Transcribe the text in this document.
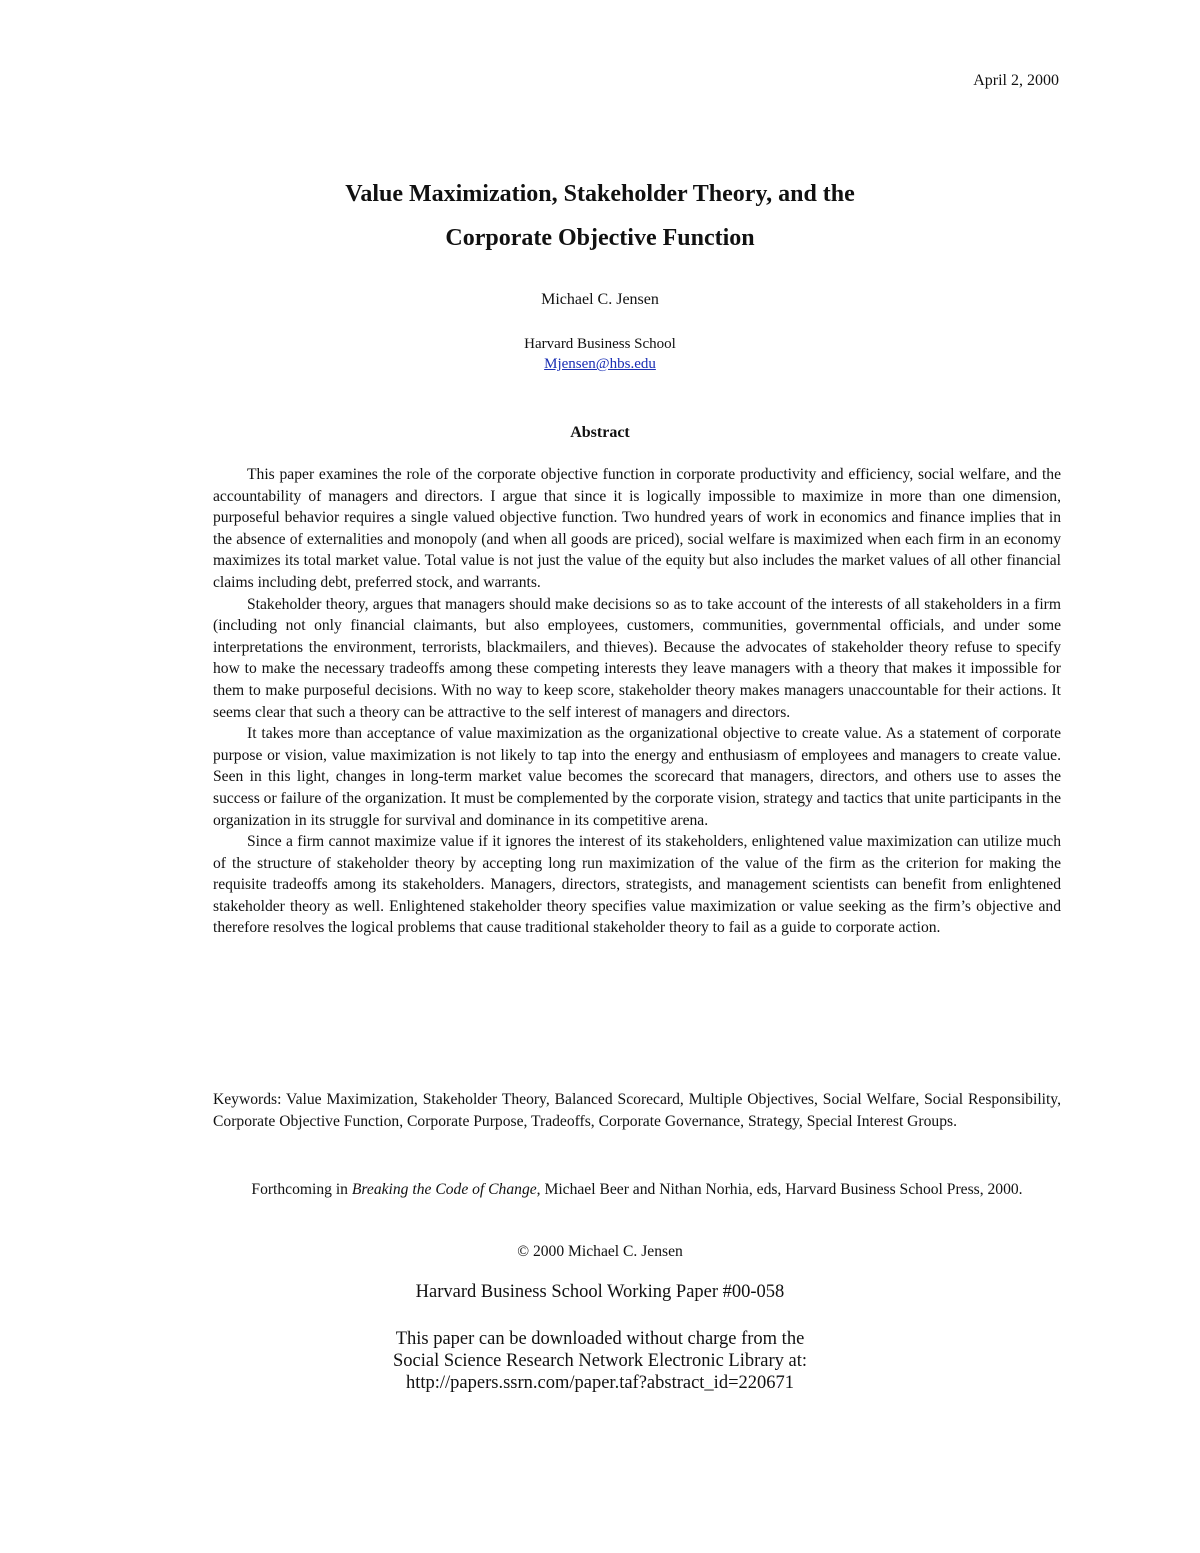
April 2, 2000
Value Maximization, Stakeholder Theory, and the
Corporate Objective Function
Michael C. Jensen
Harvard Business School
Mjensen@hbs.edu
Abstract

This paper examines the role of the corporate objective function in corporate productivity and efficiency, social welfare, and the accountability of managers and directors. I argue that since it is logically impossible to maximize in more than one dimension, purposeful behavior requires a single valued objective function. Two hundred years of work in economics and finance implies that in the absence of externalities and monopoly (and when all goods are priced), social welfare is maximized when each firm in an economy maximizes its total market value. Total value is not just the value of the equity but also includes the market values of all other financial claims including debt, preferred stock, and warrants.

Stakeholder theory, argues that managers should make decisions so as to take account of the interests of all stakeholders in a firm (including not only financial claimants, but also employees, customers, communities, governmental officials, and under some interpretations the environment, terrorists, blackmailers, and thieves). Because the advocates of stakeholder theory refuse to specify how to make the necessary tradeoffs among these competing interests they leave managers with a theory that makes it impossible for them to make purposeful decisions. With no way to keep score, stakeholder theory makes managers unaccountable for their actions. It seems clear that such a theory can be attractive to the self interest of managers and directors.

It takes more than acceptance of value maximization as the organizational objective to create value. As a statement of corporate purpose or vision, value maximization is not likely to tap into the energy and enthusiasm of employees and managers to create value. Seen in this light, changes in long-term market value becomes the scorecard that managers, directors, and others use to asses the success or failure of the organization. It must be complemented by the corporate vision, strategy and tactics that unite participants in the organization in its struggle for survival and dominance in its competitive arena.

Since a firm cannot maximize value if it ignores the interest of its stakeholders, enlightened value maximization can utilize much of the structure of stakeholder theory by accepting long run maximization of the value of the firm as the criterion for making the requisite tradeoffs among its stakeholders. Managers, directors, strategists, and management scientists can benefit from enlightened stakeholder theory as well. Enlightened stakeholder theory specifies value maximization or value seeking as the firm’s objective and therefore resolves the logical problems that cause traditional stakeholder theory to fail as a guide to corporate action.

Keywords: Value Maximization, Stakeholder Theory, Balanced Scorecard, Multiple Objectives, Social Welfare, Social Responsibility, Corporate Objective Function, Corporate Purpose, Tradeoffs, Corporate Governance, Strategy, Special Interest Groups.

Forthcoming in Breaking the Code of Change, Michael Beer and Nithan Norhia, eds, Harvard Business School Press, 2000.

© 2000 Michael C. Jensen
Harvard Business School Working Paper #00-058
This paper can be downloaded without charge from the
Social Science Research Network Electronic Library at:
http://papers.ssrn.com/paper.taf?abstract_id=220671
